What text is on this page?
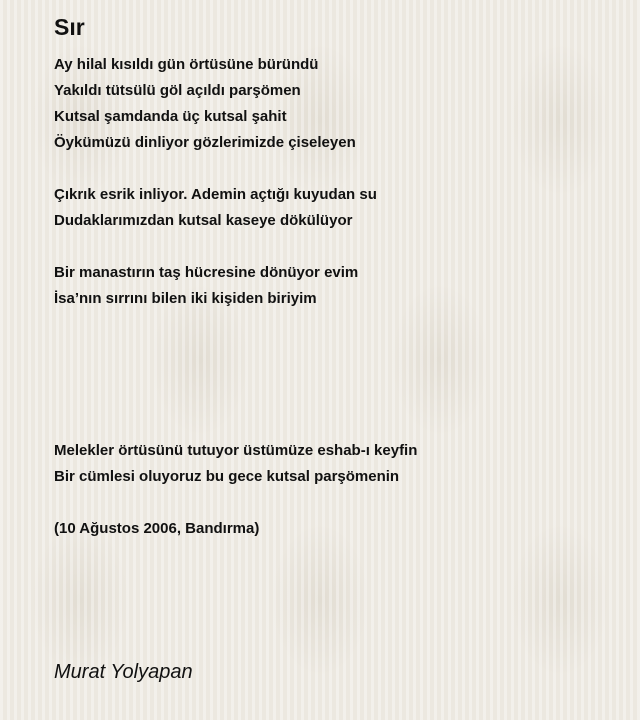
Sır
Ay hilal kısıldı gün örtüsüne büründü
Yakıldı tütsülü göl açıldı parşömen
Kutsal şamdanda üç kutsal şahit
Öykümüzü dinliyor gözlerimizde çiseleyen
Çıkrık esrik inliyor. Ademin açtığı kuyudan su
Dudaklarımızdan kutsal kaseye dökülüyor
Bir manastırın taş hücresine dönüyor evim
İsa’nın sırrını bilen iki kişiden biriyim
Melekler örtüsünü tutuyor üstümüze eshab-ı keyfin
Bir cümlesi oluyoruz bu gece kutsal parşömenin
(10 Ağustos 2006, Bandırma)
Murat Yolyapan
